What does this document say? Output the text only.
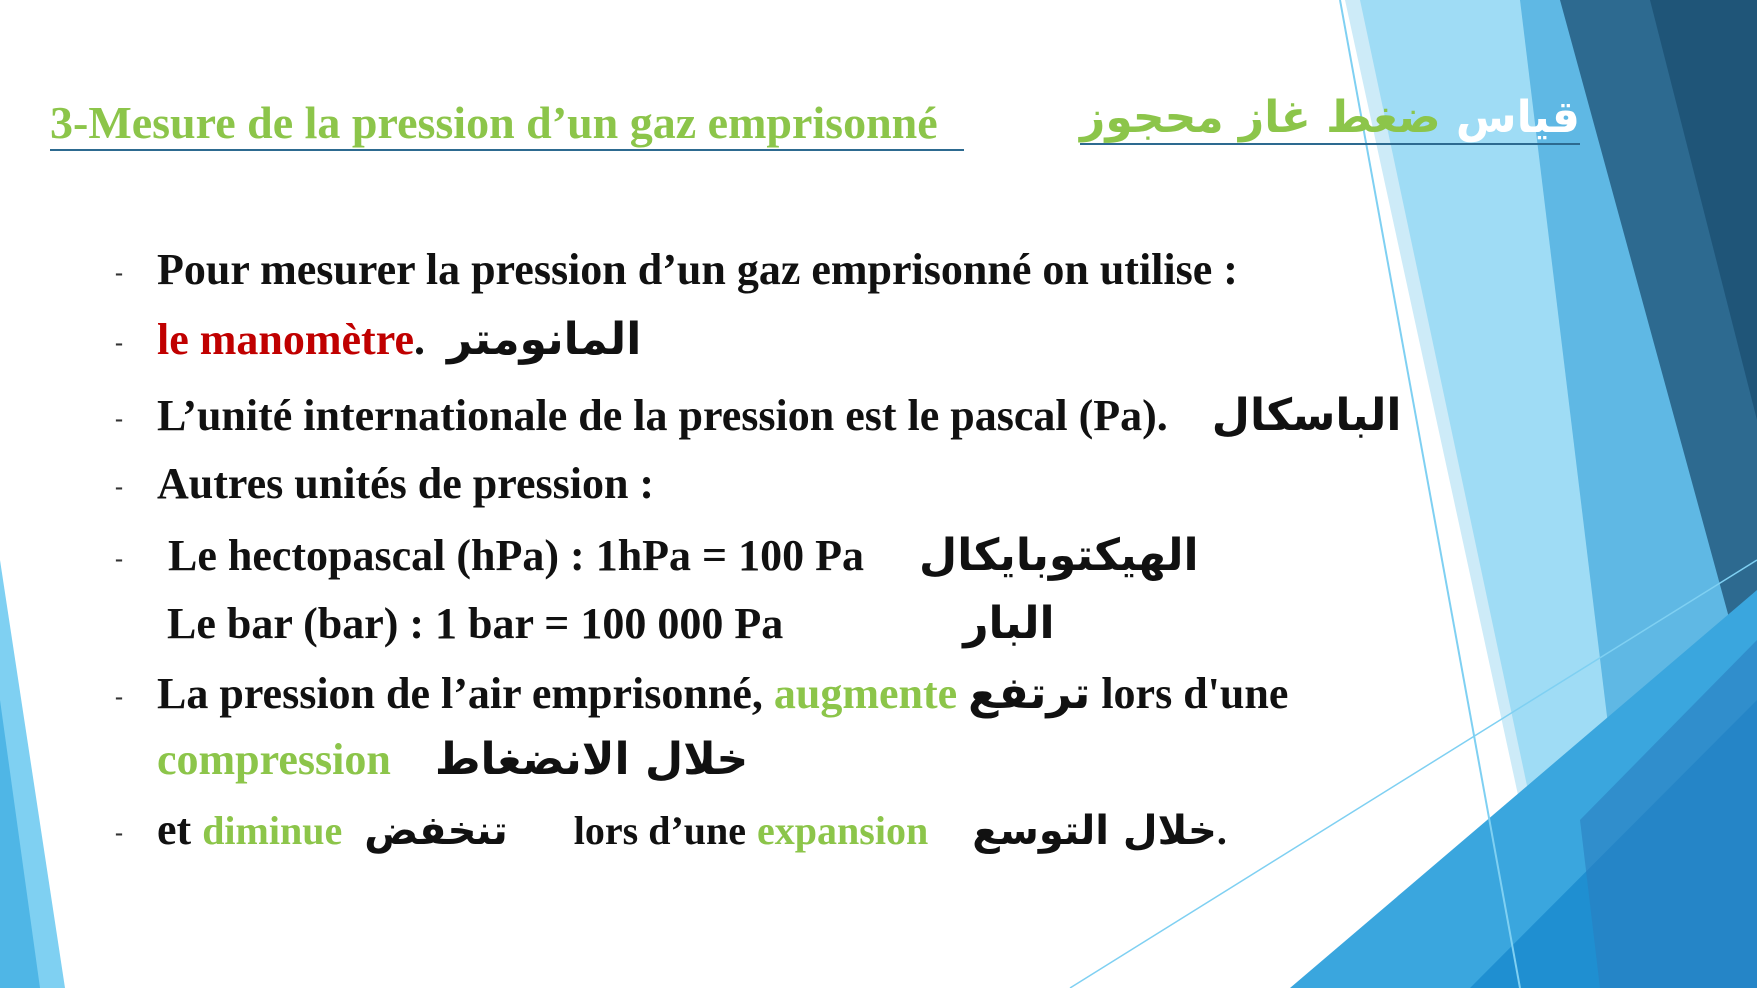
3-Mesure de la pression d’un gaz emprisonné	قياس ضغط غاز محجوز
- Pour mesurer la pression d’un gaz emprisonné on utilise :
- le manomètre. المانومتر
- L’unité internationale de la pression est le pascal (Pa). الباسكال
- Autres unités de pression :
- Le hectopascal (hPa) : 1hPa = 100 Pa الهيكتوبايكال
Le bar (bar) : 1 bar = 100 000 Pa	البار
- La pression de l’air emprisonné, augmente ترتفع lors d'une
compression خلال الانضغاط
- et diminue تنخفض lors d’une expansion خلال التوسع.
